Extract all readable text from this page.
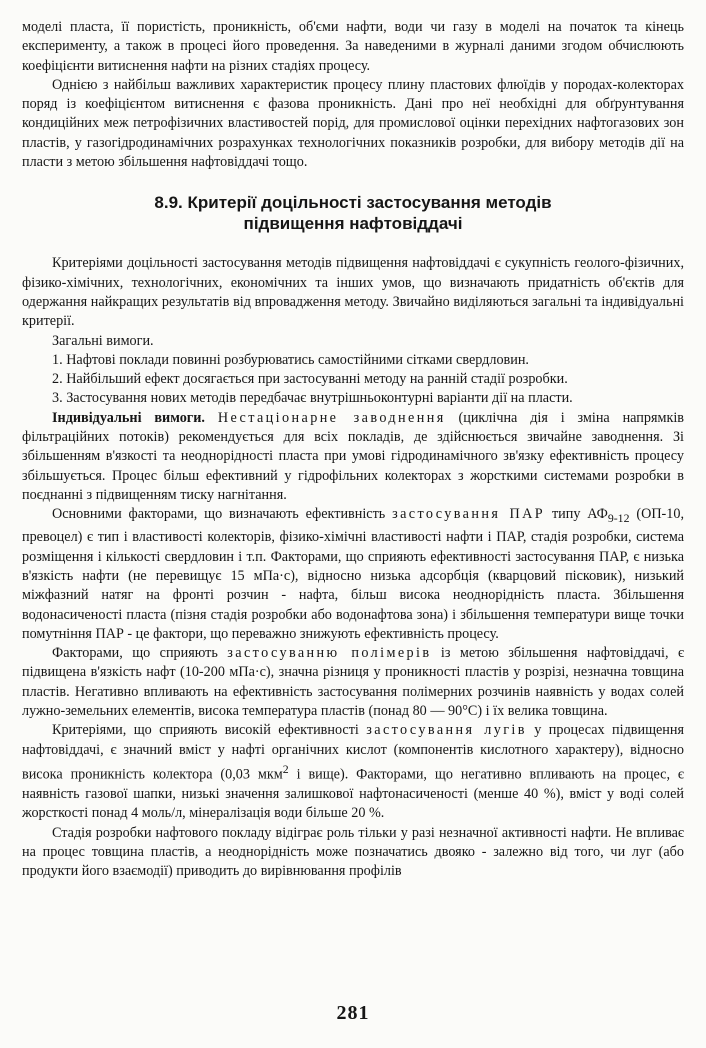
моделі пласта, її пористість, проникність, об'єми нафти, води чи газу в моделі на початок та кінець експерименту, а також в процесі його проведення. За наведеними в журналі даними згодом обчислюють коефіцієнти витиснення нафти на різних стадіях процесу.

Однією з найбільш важливих характеристик процесу плину пластових флюїдів у породах-колекторах поряд із коефіцієнтом витиснення є фазова проникність. Дані про неї необхідні для обґрунтування кондиційних меж петрофізичних властивостей порід, для промислової оцінки перехідних нафтогазових зон пластів, у газогідродинамічних розрахунках технологічних показників розробки, для вибору методів дії на пласти з метою збільшення нафтовіддачі тощо.

8.9. Критерії доцільності застосування методів
підвищення нафтовіддачі

Критеріями доцільності застосування методів підвищення нафтовіддачі є сукупність геолого-фізичних, фізико-хімічних, технологічних, економічних та інших умов, що визначають придатність об'єктів для одержання найкращих результатів від впровадження методу. Звичайно виділяються загальні та індивідуальні критерії.

Загальні вимоги.

1. Нафтові поклади повинні розбурюватись самостійними сітками свердловин.

2. Найбільший ефект досягається при застосуванні методу на ранній стадії розробки.

3. Застосування нових методів передбачає внутрішньоконтурні варіанти дії на пласти.

Індивідуальні вимоги. Нестаціонарне заводнення (циклічна дія і зміна напрямків фільтраційних потоків) рекомендується для всіх покладів, де здійснюється звичайне заводнення. Зі збільшенням в'язкості та неоднорідності пласта при умові гідродинамічного зв'язку ефективність процесу збільшується. Процес більш ефективний у гідрофільних колекторах з жорсткими системами розробки в поєднанні з підвищенням тиску нагнітання.

Основними факторами, що визначають ефективність застосування ПАР типу $АФ_{9-12}$ (ОП-10, превоцел) є тип і властивості колекторів, фізико-хімічні властивості нафти і ПАР, стадія розробки, система розміщення і кількості свердловин і т.п. Факторами, що сприяють ефективності застосування ПАР, є низька в'язкість нафти (не перевищує 15 мПа·с), відносно низька адсорбція (кварцовий пісковик), низький міжфазний натяг на фронті розчин - нафта, більш висока неоднорідність пласта. Збільшення водонасиченості пласта (пізня стадія розробки або водонафтова зона) і збільшення температури вище точки помутніння ПАР - це фактори, що переважно знижують ефективність процесу.

Факторами, що сприяють застосуванню полімерів із метою збільшення нафтовіддачі, є підвищена в'язкість нафт (10-200 мПа·с), значна різниця у проникності пластів у розрізі, незначна товщина пластів. Негативно впливають на ефективність застосування полімерних розчинів наявність у водах солей лужно-земельних елементів, висока температура пластів (понад 80 — 90°С) і їх велика товщина.

Критеріями, що сприяють високій ефективності застосування лугів у процесах підвищення нафтовіддачі, є значний вміст у нафті органічних кислот (компонентів кислотного характеру), відносно висока проникність колектора (0,03 мкм$^2$ і вище). Факторами, що негативно впливають на процес, є наявність газової шапки, низькі значення залишкової нафтонасиченості (менше 40 %), вміст у воді солей жорсткості понад 4 моль/л, мінералізація води більше 20 %.

Стадія розробки нафтового покладу відіграє роль тільки у разі незначної активності нафти. Не впливає на процес товщина пластів, а неоднорідність може позначатись двояко - залежно від того, чи луг (або продукти його взаємодії) приводить до вирівнювання профілів

281
